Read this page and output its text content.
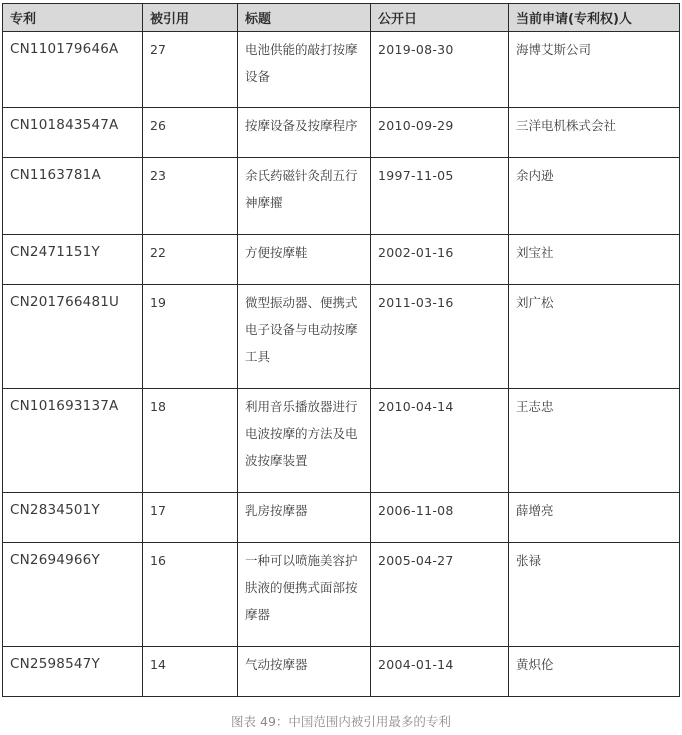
专利	被引用	标题	公开日	当前申请(专利权)人
CN110179646A	27	电池供能的敲打按摩设备	2019-08-30	海博艾斯公司
CN101843547A	26	按摩设备及按摩程序	2010-09-29	三洋电机株式会社
CN1163781A	23	余氏药磁针灸刮五行神摩擢	1997-11-05	余内逊
CN2471151Y	22	方便按摩鞋	2002-01-16	刘宝社
CN201766481U	19	微型振动器、便携式电子设备与电动按摩工具	2011-03-16	刘广松
CN101693137A	18	利用音乐播放器进行电波按摩的方法及电波按摩装置	2010-04-14	王志忠
CN2834501Y	17	乳房按摩器	2006-11-08	薛增亮
CN2694966Y	16	一种可以喷施美容护肤液的便携式面部按摩器	2005-04-27	张禄
CN2598547Y	14	气动按摩器	2004-01-14	黄炽伦
图表 49：中国范围内被引用最多的专利
